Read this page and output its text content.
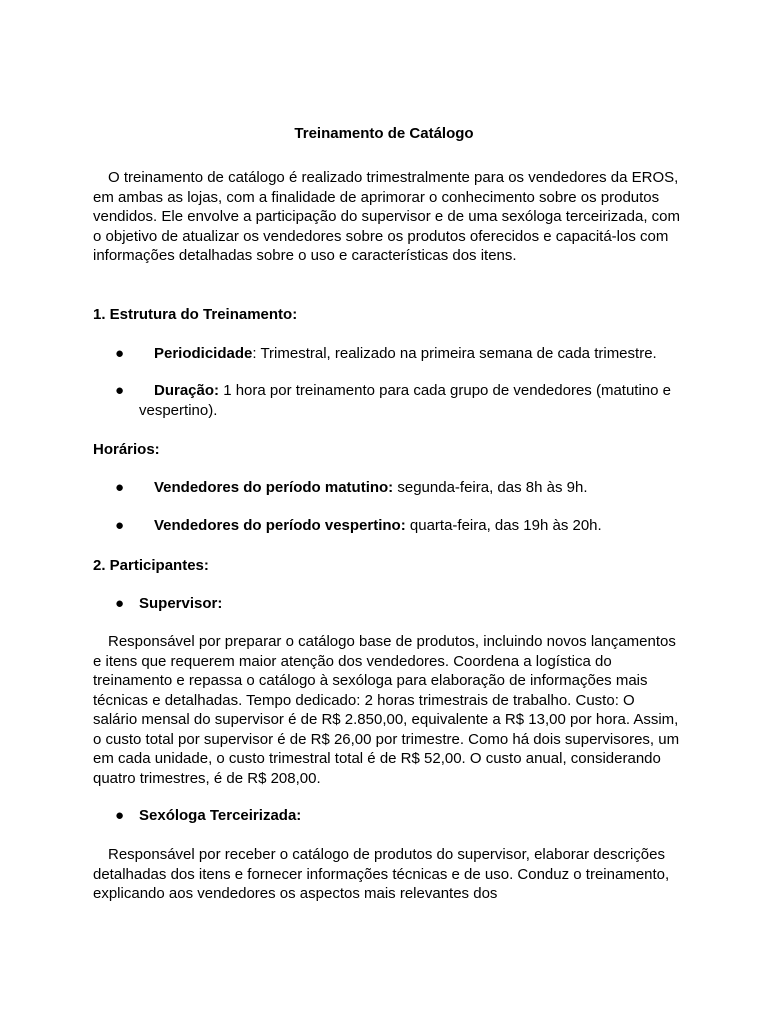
Treinamento de Catálogo

O treinamento de catálogo é realizado trimestralmente para os vendedores da EROS, em ambas as lojas, com a finalidade de aprimorar o conhecimento sobre os produtos vendidos. Ele envolve a participação do supervisor e de uma sexóloga terceirizada, com o objetivo de atualizar os vendedores sobre os produtos oferecidos e capacitá-los com informações detalhadas sobre o uso e características dos itens.

1. Estrutura do Treinamento:
● Periodicidade: Trimestral, realizado na primeira semana de cada trimestre.
●	Duração: 1 hora por treinamento para cada grupo de vendedores (matutino e vespertino).
Horários:
● Vendedores do período matutino: segunda-feira, das 8h às 9h.
● Vendedores do período vespertino: quarta-feira, das 19h às 20h.
2. Participantes:
● Supervisor:

Responsável por preparar o catálogo base de produtos, incluindo novos lançamentos e itens que requerem maior atenção dos vendedores. Coordena a logística do treinamento e repassa o catálogo à sexóloga para elaboração de informações mais técnicas e detalhadas. Tempo dedicado: 2 horas trimestrais de trabalho. Custo: O salário mensal do supervisor é de R$ 2.850,00, equivalente a R$ 13,00 por hora. Assim, o custo total por supervisor é de R$ 26,00 por trimestre. Como há dois supervisores, um em cada unidade, o custo trimestral total é de R$ 52,00. O custo anual, considerando quatro trimestres, é de R$ 208,00.

● Sexóloga Terceirizada:

Responsável por receber o catálogo de produtos do supervisor, elaborar descrições detalhadas dos itens e fornecer informações técnicas e de uso. Conduz o treinamento, explicando aos vendedores os aspectos mais relevantes dos
